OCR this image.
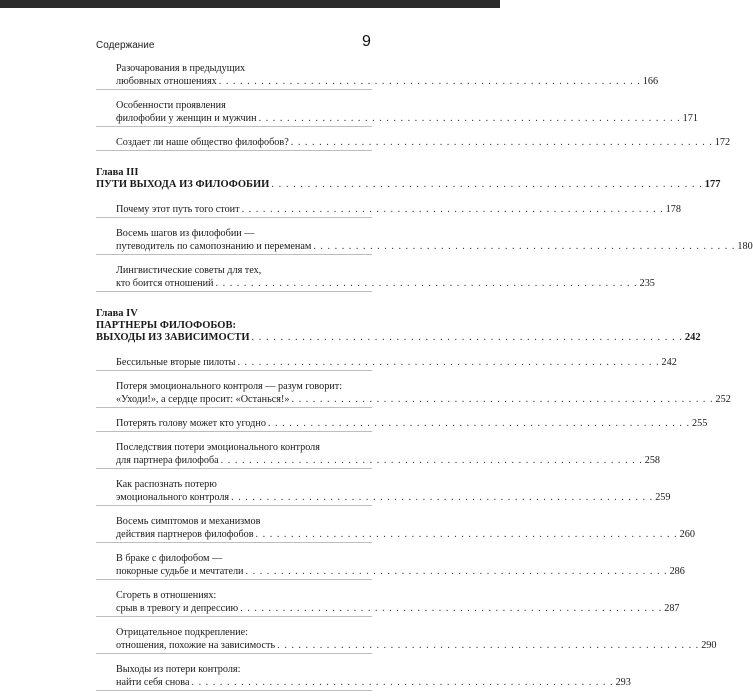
Содержание	9
Разочарования в предыдущих
любовных отношениях . . . . . . . . . . . . . . . . . . . . . . . . . . . . . . . . . . . . . . . . . . . . . . . . . . . . . . . . . . . . 166
Особенности проявления
филофобии у женщин и мужчин . . . . . . . . . . . . . . . . . . . . . . . . . . . . . . . . . . . . . . . . . . . . . . . . . . . . . . . . . . . . 171
Создает ли наше общество филофобов? . . . . . . . . . . . . . . . . . . . . . . . . . . . . . . . . . . . . . . . . . . . . . . . . . . . . . . . . . . . . 172
Глава III
ПУТИ ВЫХОДА ИЗ ФИЛОФОБИИ . . . . . . . . . . . . . . . . . . . . . . . . . . . . . . . . . . . . . . . . . . . . . . . . . . . . . . . . . . . . 177
Почему этот путь того стоит . . . . . . . . . . . . . . . . . . . . . . . . . . . . . . . . . . . . . . . . . . . . . . . . . . . . . . . . . . . . 178
Восемь шагов из филофобии —
путеводитель по самопознанию и переменам . . . . . . . . . . . . . . . . . . . . . . . . . . . . . . . . . . . . . . . . . . . . . . . . . . . . . . . . . . . . 180
Лингвистические советы для тех,
кто боится отношений . . . . . . . . . . . . . . . . . . . . . . . . . . . . . . . . . . . . . . . . . . . . . . . . . . . . . . . . . . . . 235
Глава IV
ПАРТНЕРЫ ФИЛОФОБОВ:
ВЫХОДЫ ИЗ ЗАВИСИМОСТИ . . . . . . . . . . . . . . . . . . . . . . . . . . . . . . . . . . . . . . . . . . . . . . . . . . . . . . . . . . . . 242
Бессильные вторые пилоты . . . . . . . . . . . . . . . . . . . . . . . . . . . . . . . . . . . . . . . . . . . . . . . . . . . . . . . . . . . . 242
Потеря эмоционального контроля — разум говорит:
«Уходи!», а сердце просит: «Останься!» . . . . . . . . . . . . . . . . . . . . . . . . . . . . . . . . . . . . . . . . . . . . . . . . . . . . . . . . . . . . 252
Потерять голову может кто угодно . . . . . . . . . . . . . . . . . . . . . . . . . . . . . . . . . . . . . . . . . . . . . . . . . . . . . . . . . . . . 255
Последствия потери эмоционального контроля
для партнера филофоба . . . . . . . . . . . . . . . . . . . . . . . . . . . . . . . . . . . . . . . . . . . . . . . . . . . . . . . . . . . . 258
Как распознать потерю
эмоционального контроля . . . . . . . . . . . . . . . . . . . . . . . . . . . . . . . . . . . . . . . . . . . . . . . . . . . . . . . . . . . . 259
Восемь симптомов и механизмов
действия партнеров филофобов . . . . . . . . . . . . . . . . . . . . . . . . . . . . . . . . . . . . . . . . . . . . . . . . . . . . . . . . . . . . 260
В браке с филофобом —
покорные судьбе и мечтатели . . . . . . . . . . . . . . . . . . . . . . . . . . . . . . . . . . . . . . . . . . . . . . . . . . . . . . . . . . . . 286
Сгореть в отношениях:
срыв в тревогу и депрессию . . . . . . . . . . . . . . . . . . . . . . . . . . . . . . . . . . . . . . . . . . . . . . . . . . . . . . . . . . . . 287
Отрицательное подкрепление:
отношения, похожие на зависимость . . . . . . . . . . . . . . . . . . . . . . . . . . . . . . . . . . . . . . . . . . . . . . . . . . . . . . . . . . . . 290
Выходы из потери контроля:
найти себя снова . . . . . . . . . . . . . . . . . . . . . . . . . . . . . . . . . . . . . . . . . . . . . . . . . . . . . . . . . . . . 293
